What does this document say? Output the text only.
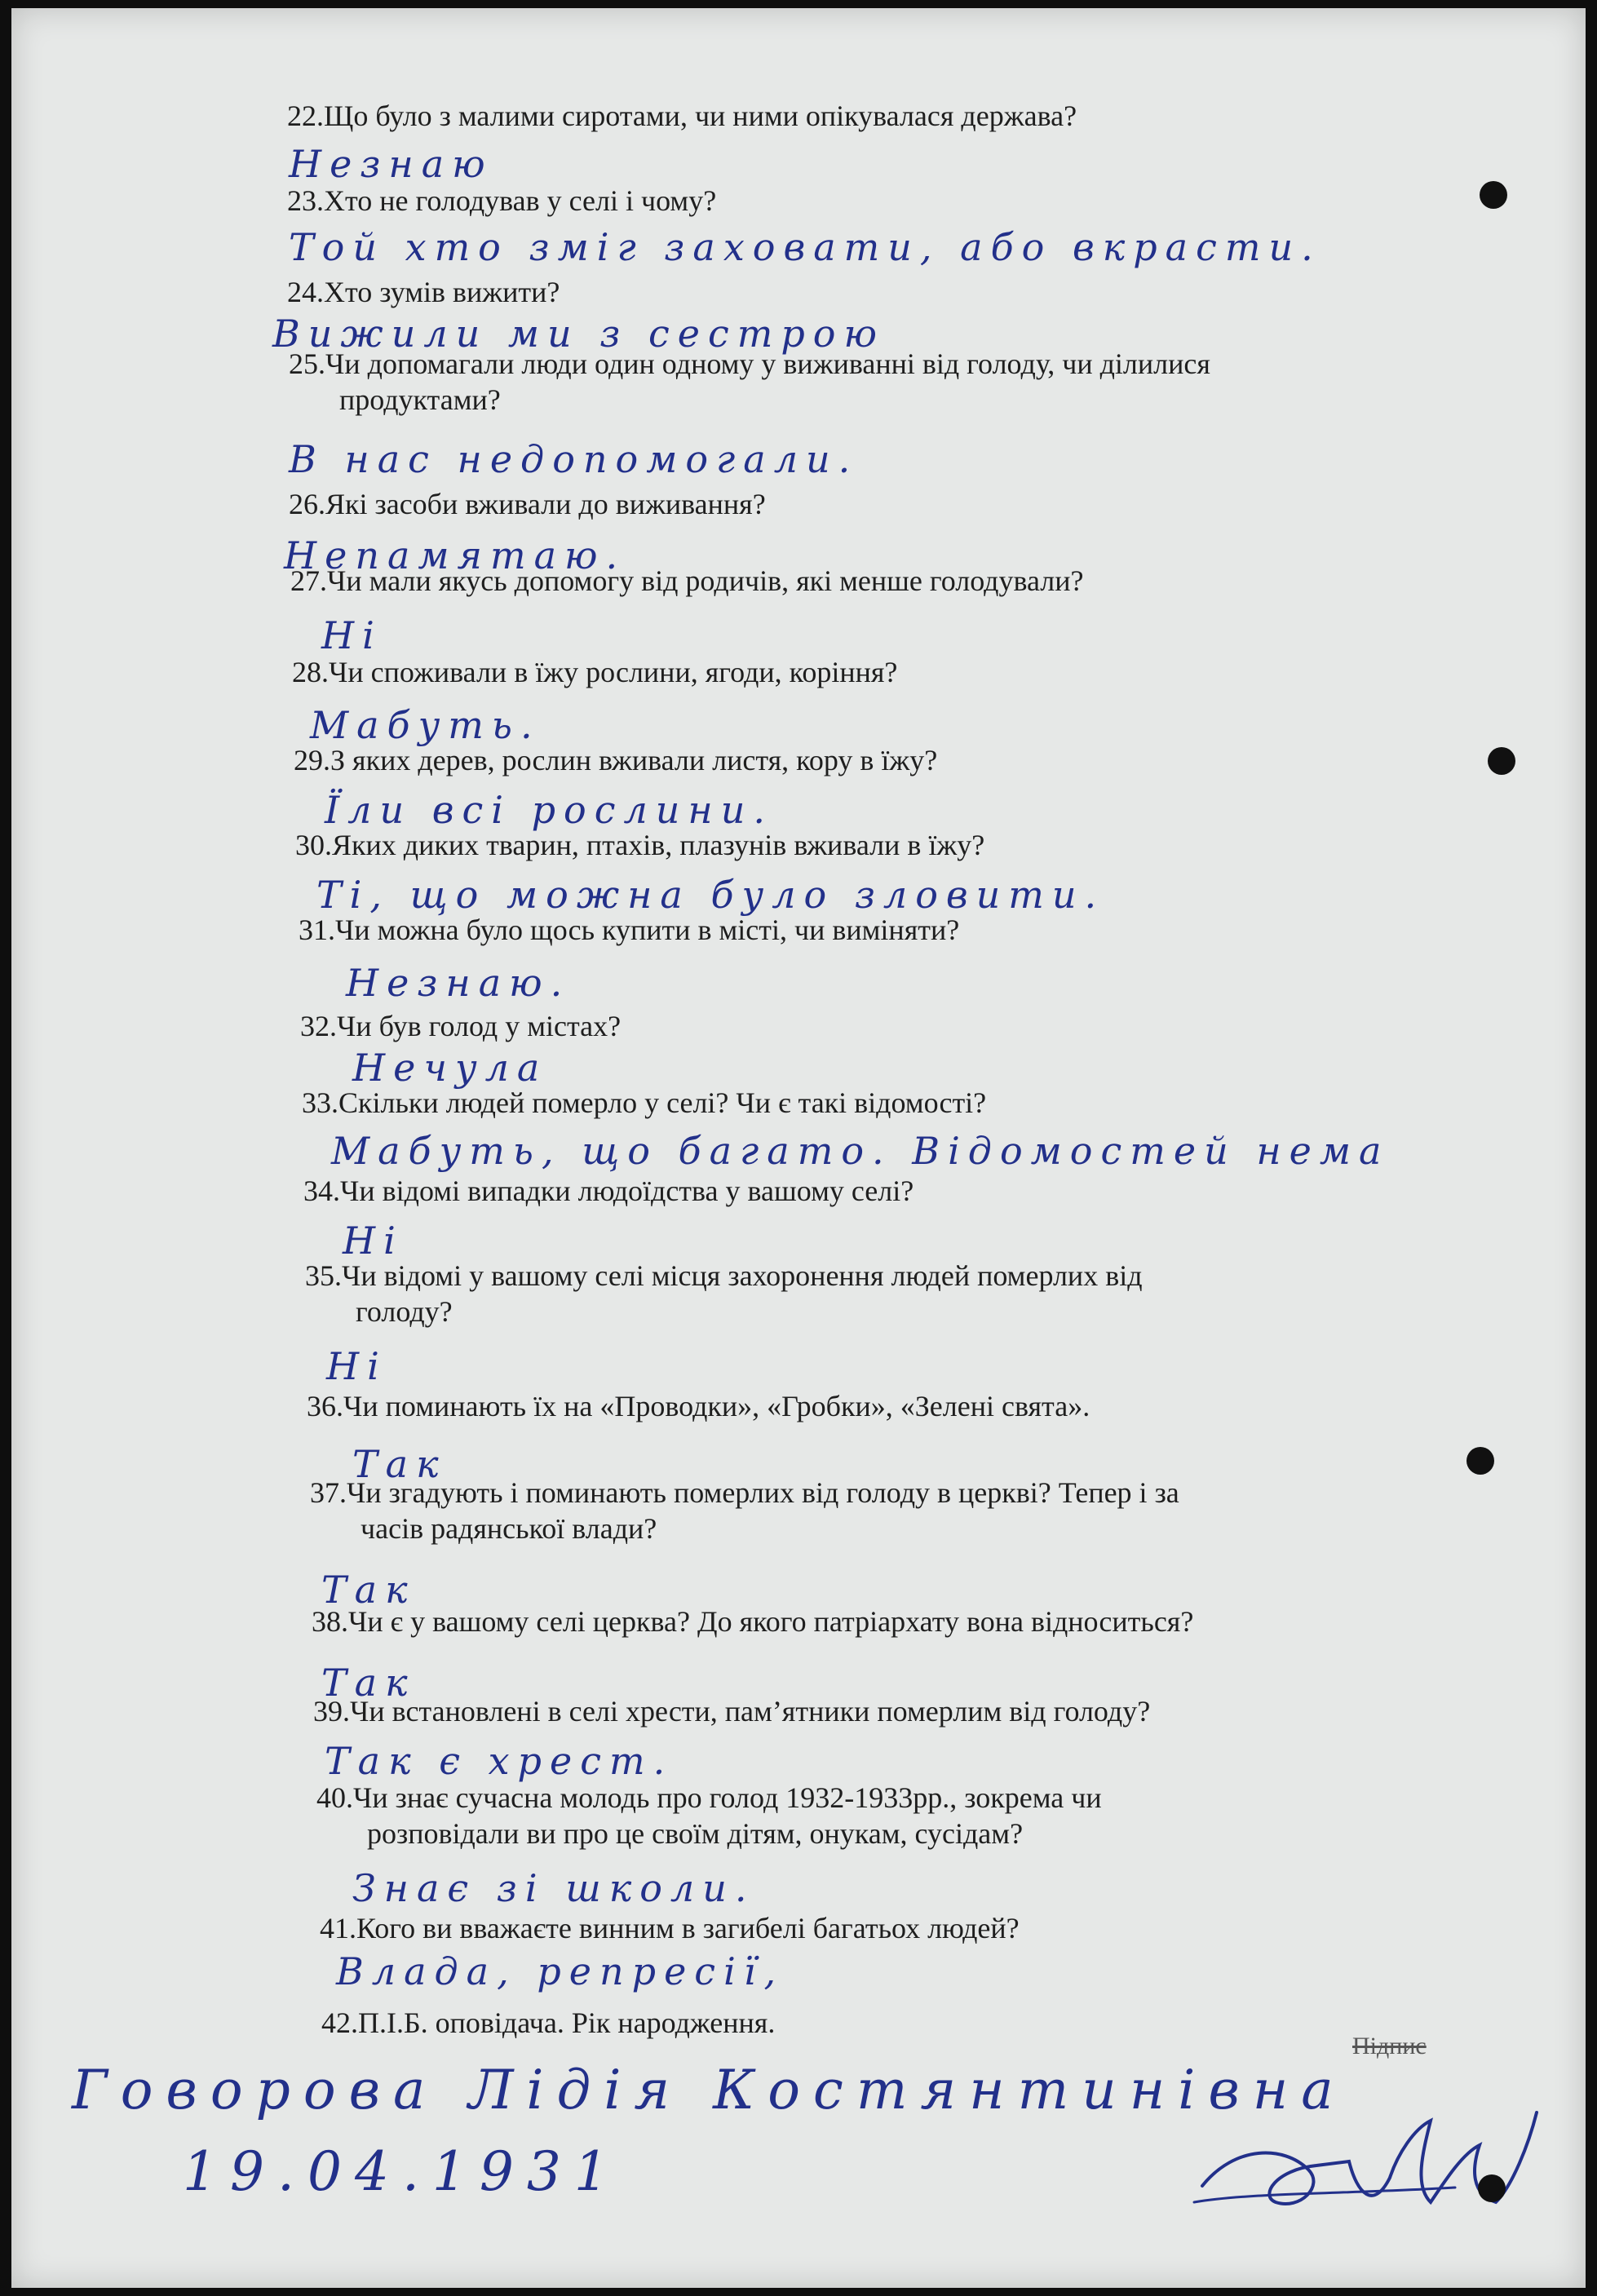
22.Що було з малими сиротами, чи ними опікувалася держава?
Незнаю
23.Хто не голодував у селі і чому?
Той хто зміг заховати, або вкрасти.
24.Хто зумів вижити?
Вижили ми з сестрою
25.Чи допомагали люди один одному у виживанні від голоду, чи ділилися
продуктами?
В нас недопомогали.
26.Які засоби вживали до виживання?
Непамятаю.
27.Чи мали якусь допомогу від родичів, які менше голодували?
Ні
28.Чи споживали в їжу рослини, ягоди, коріння?
Мабуть.
29.З яких дерев, рослин вживали листя, кору в їжу?
Їли всі рослини.
30.Яких диких тварин, птахів, плазунів вживали в їжу?
Ті, що можна було зловити.
31.Чи можна було щось купити в місті, чи виміняти?
Незнаю.
32.Чи був голод у містах?
Нечула
33.Скільки людей померло у селі? Чи є такі відомості?
Мабуть, що багато. Відомостей нема
34.Чи відомі випадки людоїдства у вашому селі?
Ні
35.Чи відомі у вашому селі місця захоронення людей померлих від
голоду?
Ні
36.Чи поминають їх на «Проводки», «Гробки», «Зелені свята».
Так
37.Чи згадують і поминають померлих від голоду в церкві? Тепер і за
часів радянської влади?
Так
38.Чи є у вашому селі церква? До якого патріархату вона відноситься?
Так
39.Чи встановлені в селі хрести, пам’ятники померлим від голоду?
Так є хрест.
40.Чи знає сучасна молодь про голод 1932-1933рр., зокрема чи
розповідали ви про це своїм дітям, онукам, сусідам?
Знає зі школи.
41.Кого ви вважаєте винним в загибелі багатьох людей?
Влада, репресії,
42.П.І.Б. оповідача. Рік народження.
Говорова Лідія Костянтинівна
19.04.1931
Підпис
